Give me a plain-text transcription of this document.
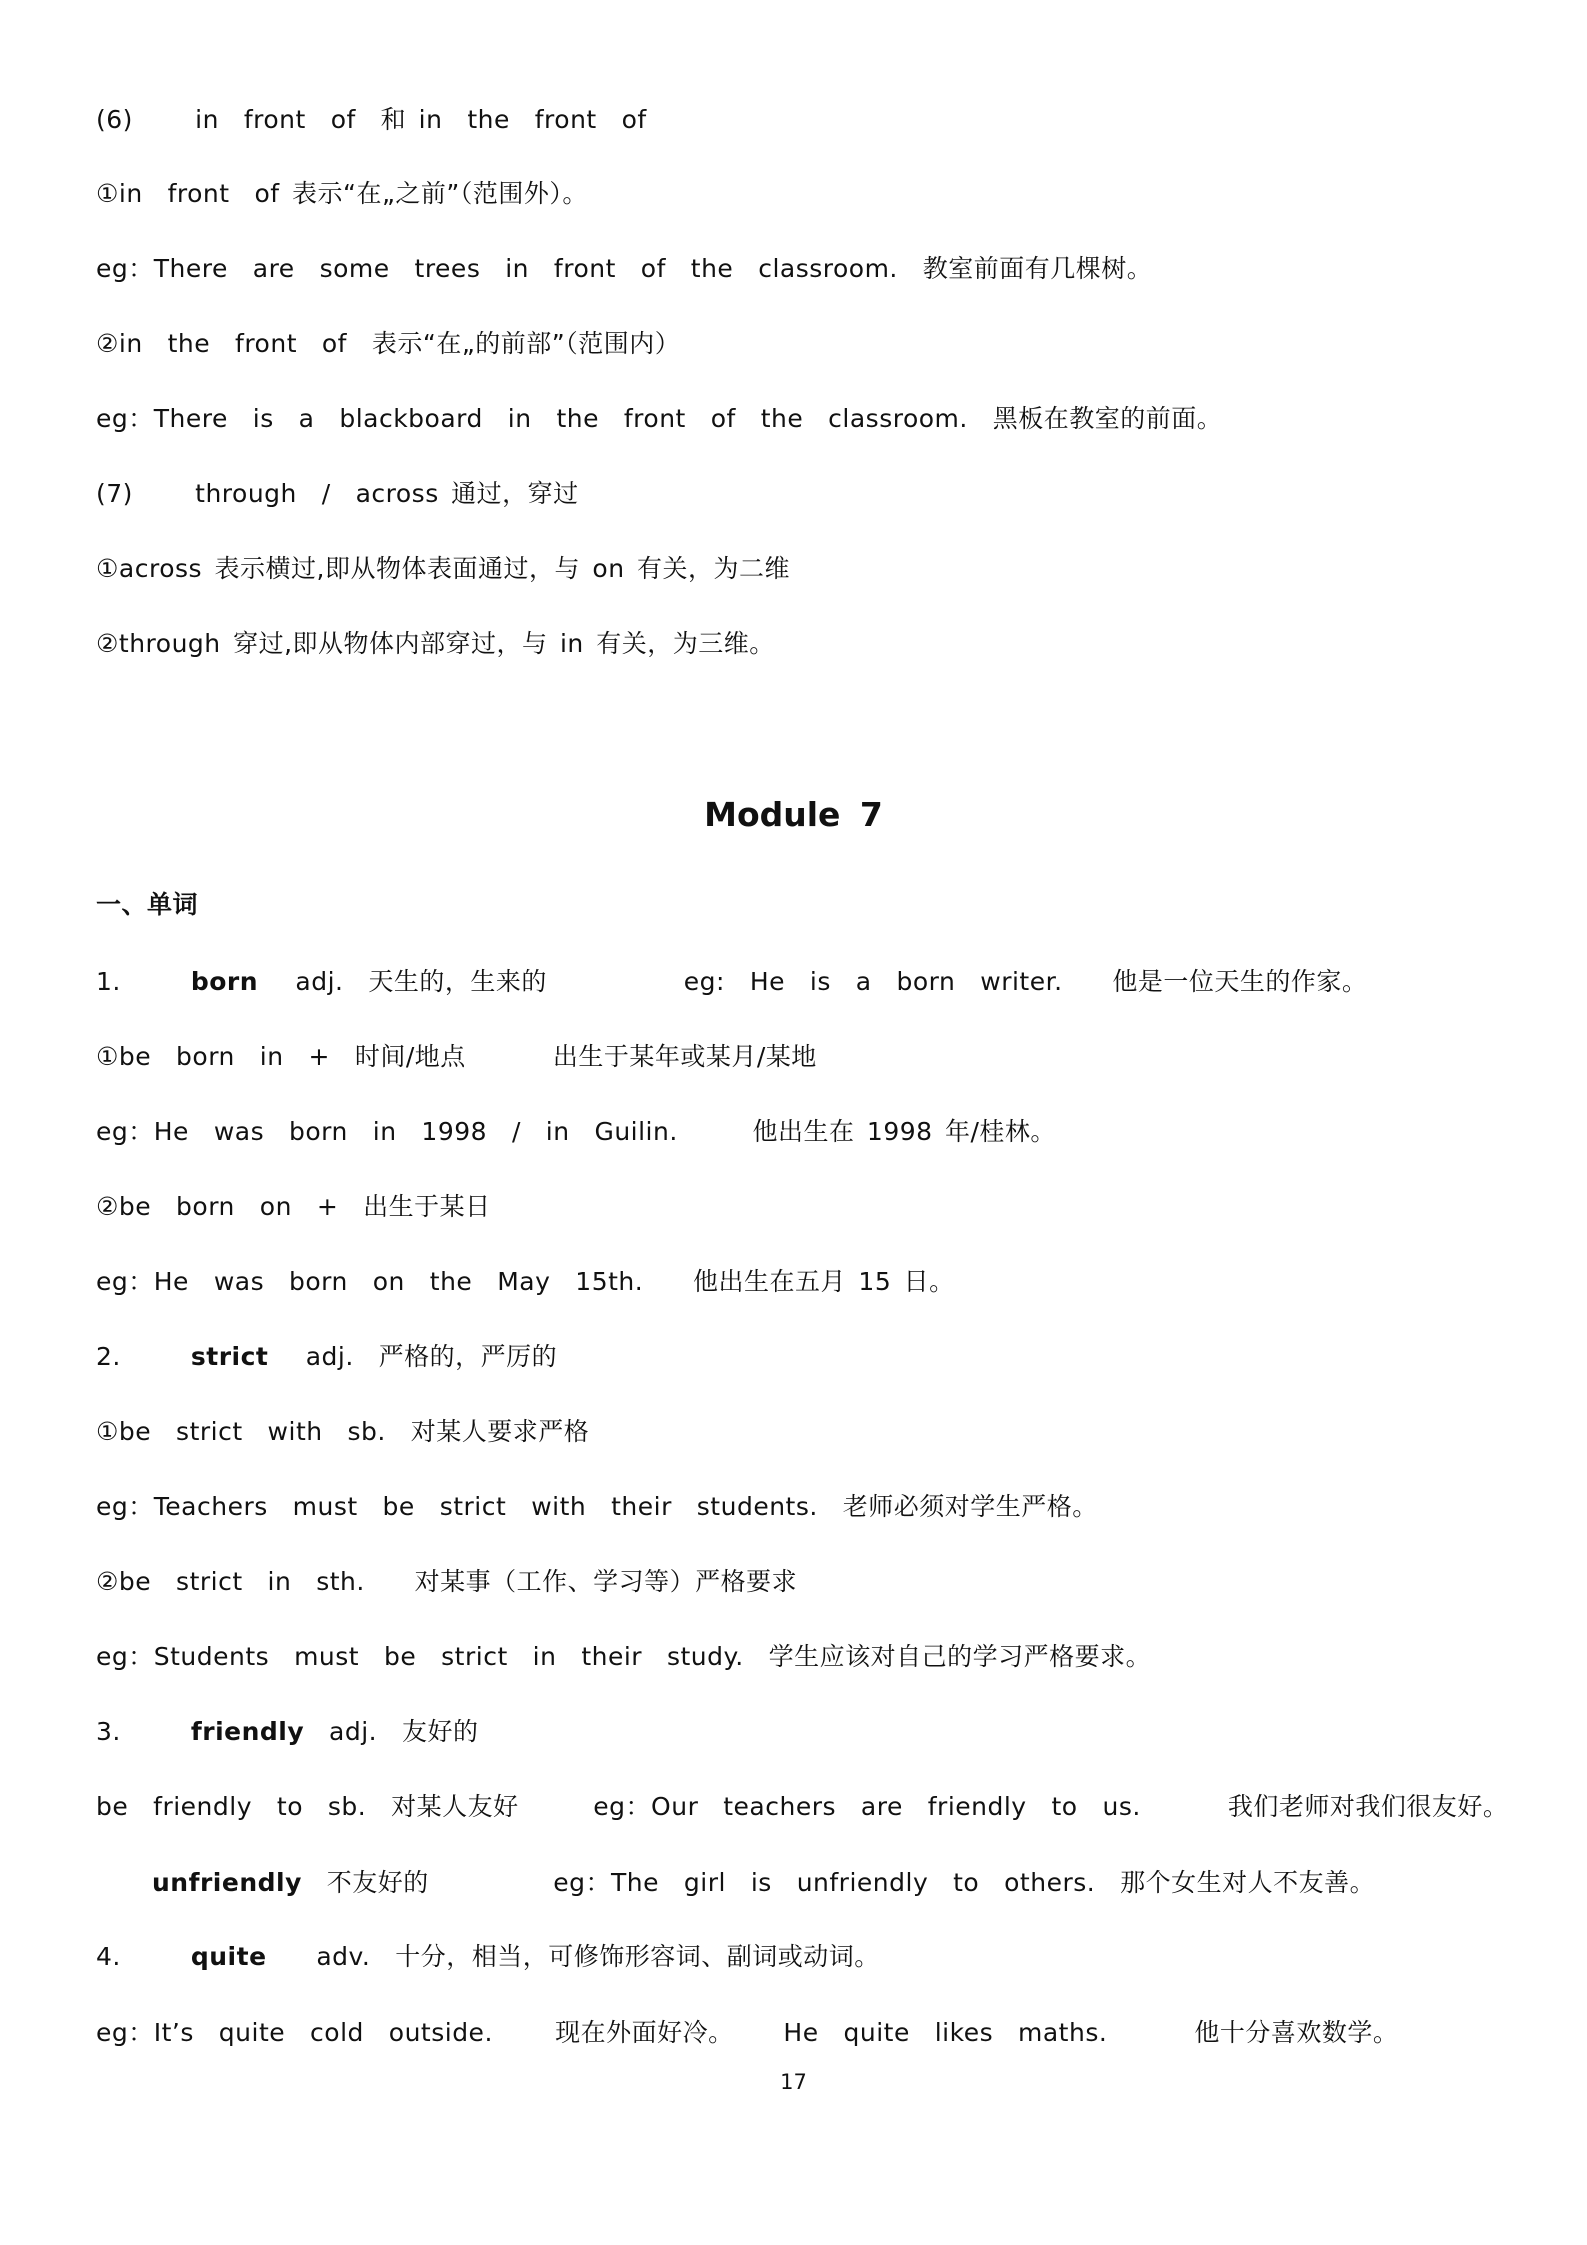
(6)     in  front  of  和 in  the  front  of
①in  front  of 表示“在„之前”（范围外）。
eg：There  are  some  trees  in  front  of  the  classroom.  教室前面有几棵树。
②in  the  front  of  表示“在„的前部”（范围内）
eg：There  is  a  blackboard  in  the  front  of  the  classroom.  黑板在教室的前面。
(7)     through  /  across 通过，穿过
①across 表示横过,即从物体表面通过，与 on 有关，为二维
②through 穿过,即从物体内部穿过，与 in 有关，为三维。
Module 7
一、单词
1.	born   adj.  天生的，生来的           eg:  He  is  a  born  writer.    他是一位天生的作家。
①be  born  in  +  时间/地点       出生于某年或某月/某地
eg：He  was  born  in  1998  /  in  Guilin.      他出生在 1998 年/桂林。
②be  born  on  +  出生于某日
eg：He  was  born  on  the  May  15th.    他出生在五月 15 日。
2.	strict   adj.  严格的，严厉的
①be  strict  with  sb.  对某人要求严格
eg：Teachers  must  be  strict  with  their  students.  老师必须对学生严格。
②be  strict  in  sth.    对某事（工作、学习等）严格要求
eg：Students  must  be  strict  in  their  study.  学生应该对自己的学习严格要求。
3.	friendly  adj.  友好的
be  friendly  to  sb.  对某人友好      eg：Our  teachers  are  friendly  to  us.       我们老师对我们很友好。
unfriendly  不友好的          eg：The  girl  is  unfriendly  to  others.  那个女生对人不友善。
4.	quite    adv.  十分，相当，可修饰形容词、副词或动词。
eg：It’s  quite  cold  outside.     现在外面好冷。    He  quite  likes  maths.       他十分喜欢数学。
17
